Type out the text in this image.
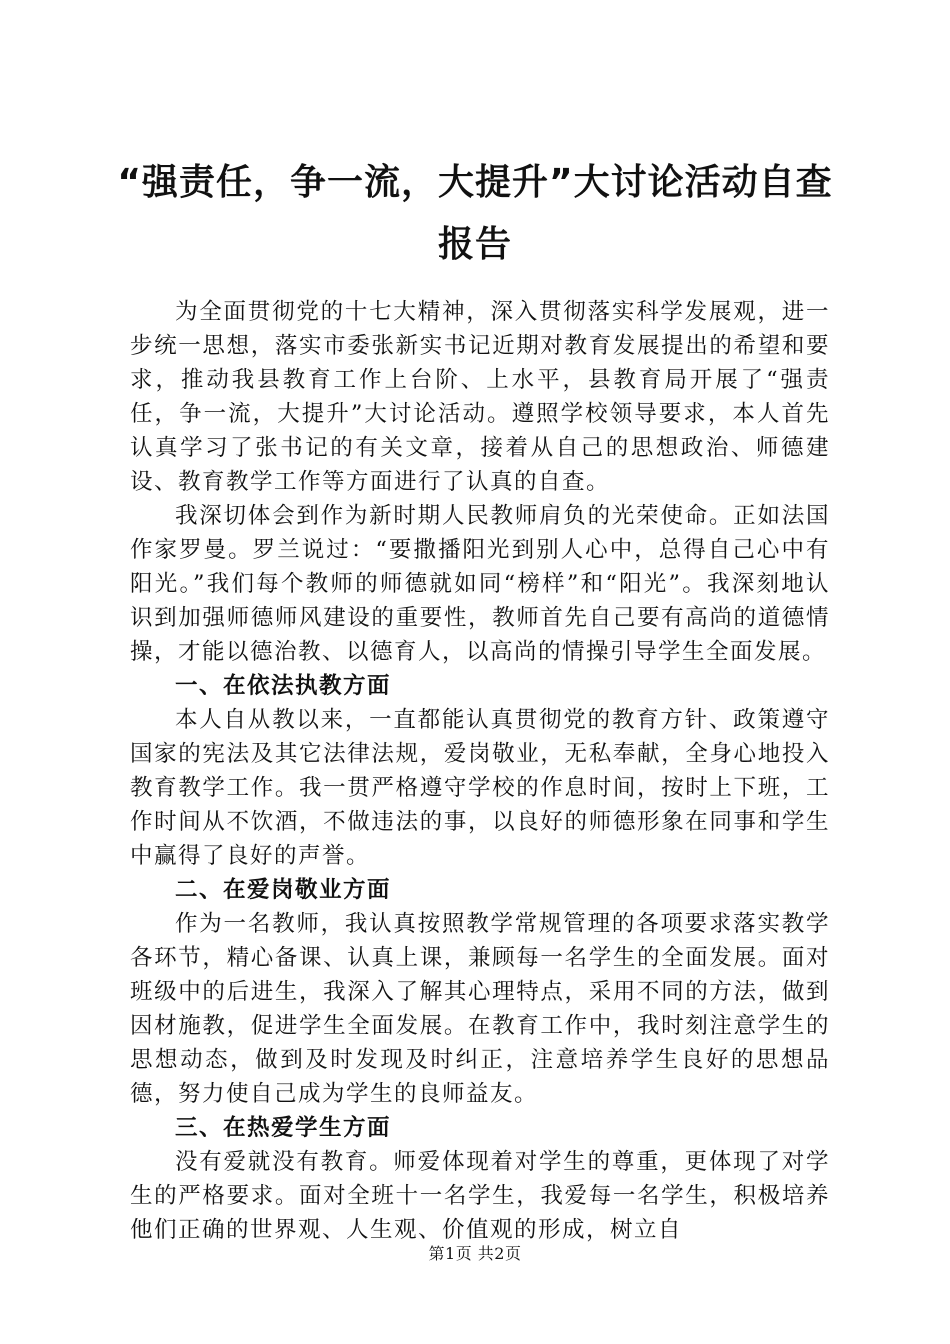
“强责任，争一流，大提升”大讨论活动自查报告

为全面贯彻党的十七大精神，深入贯彻落实科学发展观，进一步统一思想，落实市委张新实书记近期对教育发展提出的希望和要求，推动我县教育工作上台阶、上水平，县教育局开展了“强责任，争一流，大提升”大讨论活动。遵照学校领导要求，本人首先认真学习了张书记的有关文章，接着从自己的思想政治、师德建设、教育教学工作等方面进行了认真的自查。

我深切体会到作为新时期人民教师肩负的光荣使命。正如法国作家罗曼。罗兰说过：“要撒播阳光到别人心中，总得自己心中有阳光。”我们每个教师的师德就如同“榜样”和“阳光”。我深刻地认识到加强师德师风建设的重要性，教师首先自己要有高尚的道德情操，才能以德治教、以德育人，以高尚的情操引导学生全面发展。

一、在依法执教方面

本人自从教以来，一直都能认真贯彻党的教育方针、政策遵守国家的宪法及其它法律法规，爱岗敬业，无私奉献，全身心地投入教育教学工作。我一贯严格遵守学校的作息时间，按时上下班，工作时间从不饮酒，不做违法的事，以良好的师德形象在同事和学生中赢得了良好的声誉。

二、在爱岗敬业方面

作为一名教师，我认真按照教学常规管理的各项要求落实教学各环节，精心备课、认真上课，兼顾每一名学生的全面发展。面对班级中的后进生，我深入了解其心理特点，采用不同的方法，做到因材施教，促进学生全面发展。在教育工作中，我时刻注意学生的思想动态，做到及时发现及时纠正，注意培养学生良好的思想品德，努力使自己成为学生的良师益友。

三、在热爱学生方面

没有爱就没有教育。师爱体现着对学生的尊重，更体现了对学生的严格要求。面对全班十一名学生，我爱每一名学生，积极培养他们正确的世界观、人生观、价值观的形成，树立自

第1页 共2页
